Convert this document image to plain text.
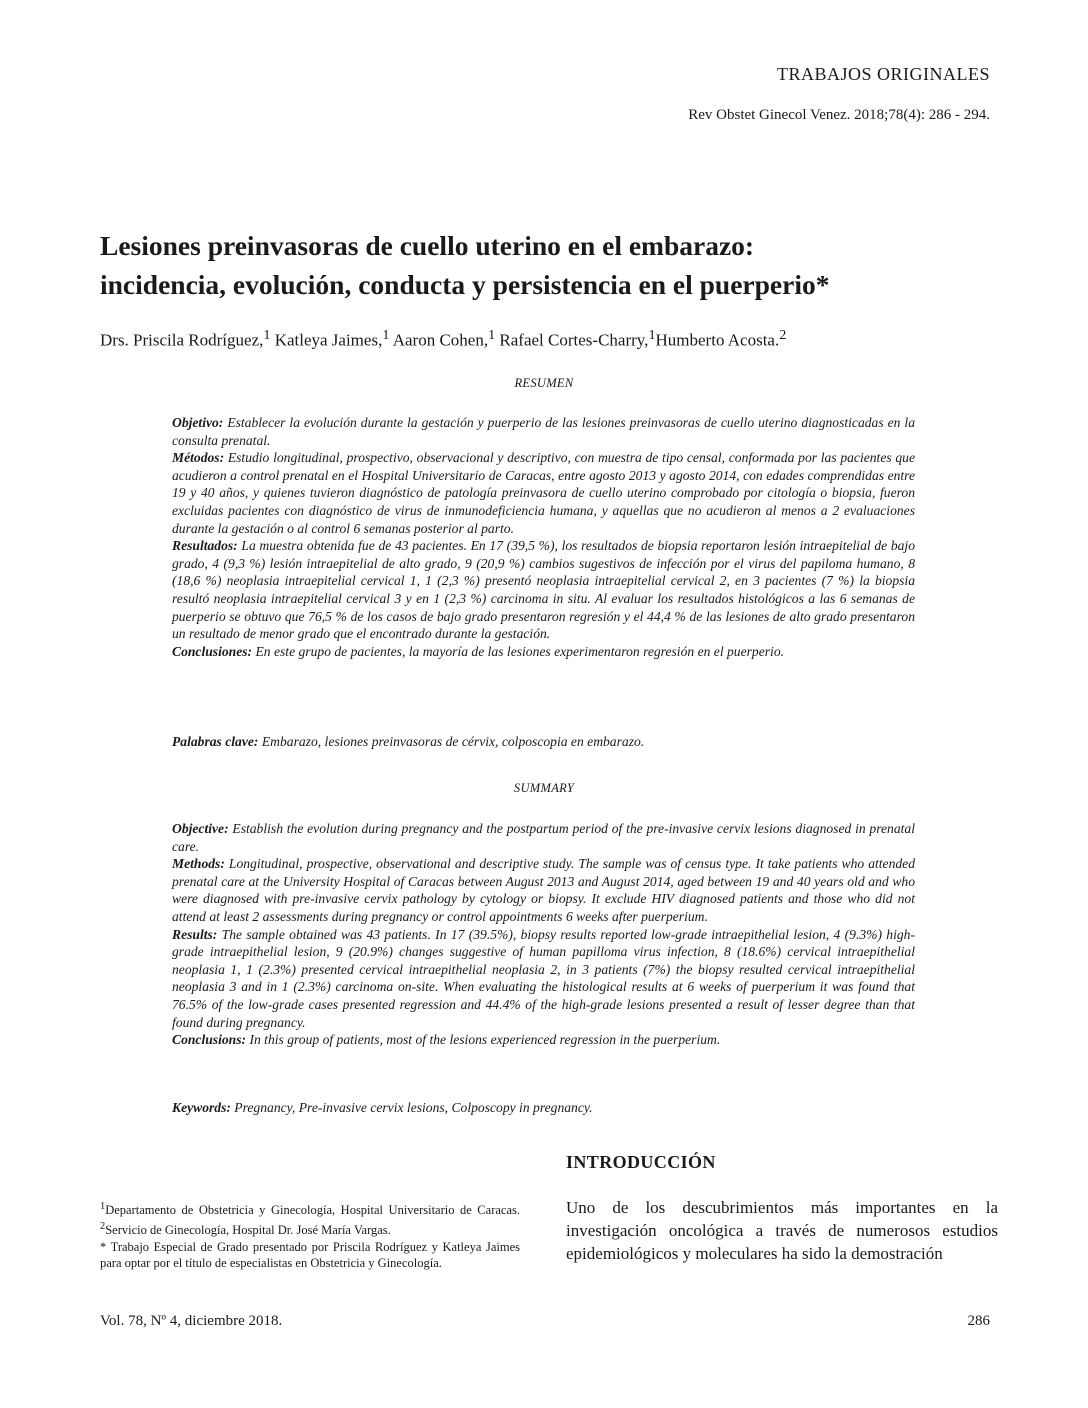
TRABAJOS ORIGINALES
Rev Obstet Ginecol Venez. 2018;78(4): 286 - 294.
Lesiones preinvasoras de cuello uterino en el embarazo:
incidencia, evolución, conducta y persistencia en el puerperio*
Drs. Priscila Rodríguez,$^1$ Katleya Jaimes,$^1$ Aaron Cohen,$^1$ Rafael Cortes-Charry,$^1$Humberto Acosta.$^2$
RESUMEN

Objetivo: Establecer la evolución durante la gestación y puerperio de las lesiones preinvasoras de cuello uterino diagnosticadas en la consulta prenatal.

Métodos: Estudio longitudinal, prospectivo, observacional y descriptivo, con muestra de tipo censal, conformada por las pacientes que acudieron a control prenatal en el Hospital Universitario de Caracas, entre agosto 2013 y agosto 2014, con edades comprendidas entre 19 y 40 años, y quienes tuvieron diagnóstico de patología preinvasora de cuello uterino comprobado por citología o biopsia, fueron excluidas pacientes con diagnóstico de virus de inmunodeficiencia humana, y aquellas que no acudieron al menos a 2 evaluaciones durante la gestación o al control 6 semanas posterior al parto.

Resultados: La muestra obtenida fue de 43 pacientes. En 17 (39,5 %), los resultados de biopsia reportaron lesión intraepitelial de bajo grado, 4 (9,3 %) lesión intraepitelial de alto grado, 9 (20,9 %) cambios sugestivos de infección por el virus del papiloma humano, 8 (18,6 %) neoplasia intraepitelial cervical 1, 1 (2,3 %) presentó neoplasia intraepitelial cervical 2, en 3 pacientes (7 %) la biopsia resultó neoplasia intraepitelial cervical 3 y en 1 (2,3 %) carcinoma in situ. Al evaluar los resultados histológicos a las 6 semanas de puerperio se obtuvo que 76,5 % de los casos de bajo grado presentaron regresión y el 44,4 % de las lesiones de alto grado presentaron un resultado de menor grado que el encontrado durante la gestación.

Conclusiones: En este grupo de pacientes, la mayoría de las lesiones experimentaron regresión en el puerperio.

Palabras clave: Embarazo, lesiones preinvasoras de cérvix, colposcopia en embarazo.

SUMMARY

Objective: Establish the evolution during pregnancy and the postpartum period of the pre-invasive cervix lesions diagnosed in prenatal care.

Methods: Longitudinal, prospective, observational and descriptive study. The sample was of census type. It take patients who attended prenatal care at the University Hospital of Caracas between August 2013 and August 2014, aged between 19 and 40 years old and who were diagnosed with pre-invasive cervix pathology by cytology or biopsy. It exclude HIV diagnosed patients and those who did not attend at least 2 assessments during pregnancy or control appointments 6 weeks after puerperium.

Results: The sample obtained was 43 patients. In 17 (39.5%), biopsy results reported low-grade intraepithelial lesion, 4 (9.3%) high-grade intraepithelial lesion, 9 (20.9%) changes suggestive of human papilloma virus infection, 8 (18.6%) cervical intraepithelial neoplasia 1, 1 (2.3%) presented cervical intraepithelial neoplasia 2, in 3 patients (7%) the biopsy resulted cervical intraepithelial neoplasia 3 and in 1 (2.3%) carcinoma on-site. When evaluating the histological results at 6 weeks of puerperium it was found that 76.5% of the low-grade cases presented regression and 44.4% of the high-grade lesions presented a result of lesser degree than that found during pregnancy.

Conclusions: In this group of patients, most of the lesions experienced regression in the puerperium.

Keywords: Pregnancy, Pre-invasive cervix lesions, Colposcopy in pregnancy.

INTRODUCCIÓN
Uno de los descubrimientos más importantes en la investigación oncológica a través de numerosos estudios epidemiológicos y moleculares ha sido la demostración

$^1$Departamento de Obstetricia y Ginecología, Hospital Universitario de Caracas. $^2$Servicio de Ginecología, Hospital Dr. José María Vargas.

* Trabajo Especial de Grado presentado por Priscila Rodríguez y Katleya Jaimes para optar por el título de especialistas en Obstetricia y Ginecología.

Vol. 78, Nº 4, diciembre 2018.	286
